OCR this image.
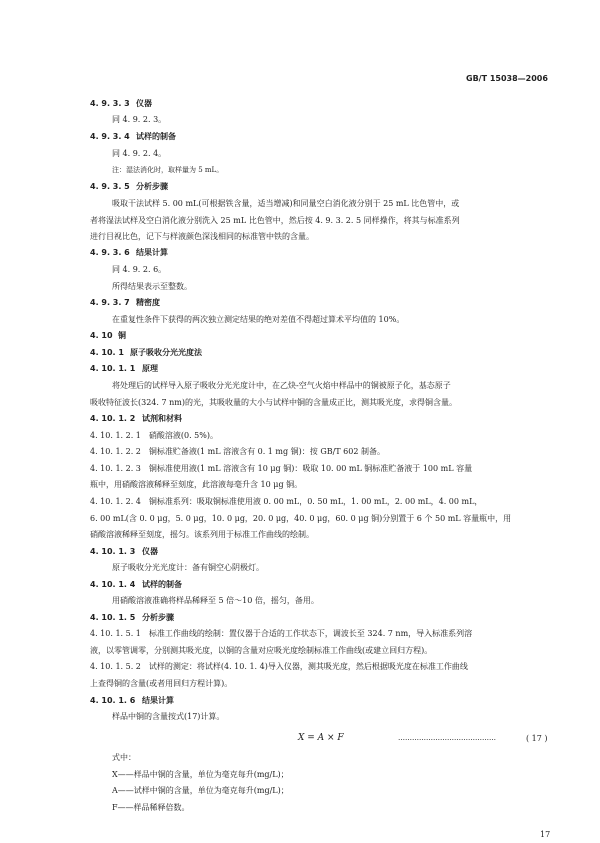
GB/T 15038—2006
4. 9. 3. 3 仪器
同 4. 9. 2. 3。
4. 9. 3. 4 试样的制备
同 4. 9. 2. 4。
注：湿法消化时，取样量为 5 mL。
4. 9. 3. 5 分析步骤
吸取干法试样 5. 00 mL(可根据铁含量，适当增减)和同量空白消化液分别于 25 mL 比色管中，或
者将湿法试样及空白消化液分别洗入 25 mL 比色管中，然后按 4. 9. 3. 2. 5 同样操作，将其与标准系列
进行目视比色，记下与样液颜色深浅相同的标准管中铁的含量。
4. 9. 3. 6 结果计算
同 4. 9. 2. 6。
所得结果表示至整数。
4. 9. 3. 7 精密度
在重复性条件下获得的两次独立测定结果的绝对差值不得超过算术平均值的 10%。
4. 10 铜
4. 10. 1 原子吸收分光光度法
4. 10. 1. 1 原理
将处理后的试样导入原子吸收分光光度计中，在乙炔-空气火焰中样品中的铜被原子化，基态原子
吸收特征波长(324. 7 nm)的光，其吸收量的大小与试样中铜的含量成正比，测其吸光度，求得铜含量。
4. 10. 1. 2 试剂和材料
4. 10. 1. 2. 1　硝酸溶液(0. 5%)。
4. 10. 1. 2. 2　铜标准贮备液(1 mL 溶液含有 0. 1 mg 铜)：按 GB/T 602 制备。
4. 10. 1. 2. 3　铜标准使用液(1 mL 溶液含有 10 μg 铜)：吸取 10. 00 mL 铜标准贮备液于 100 mL 容量
瓶中，用硝酸溶液稀释至刻度，此溶液每毫升含 10 μg 铜。
4. 10. 1. 2. 4　铜标准系列：吸取铜标准使用液 0. 00 mL，0. 50 mL，1. 00 mL，2. 00 mL，4. 00 mL，
6. 00 mL(含 0. 0 μg，5. 0 μg，10. 0 μg，20. 0 μg，40. 0 μg，60. 0 μg 铜)分别置于 6 个 50 mL 容量瓶中，用
硝酸溶液稀释至刻度，摇匀。该系列用于标准工作曲线的绘制。
4. 10. 1. 3 仪器
原子吸收分光光度计：备有铜空心阴极灯。
4. 10. 1. 4 试样的制备
用硝酸溶液准确将样品稀释至 5 倍～10 倍，摇匀，备用。
4. 10. 1. 5 分析步骤
4. 10. 1. 5. 1　标准工作曲线的绘制：置仪器于合适的工作状态下，调波长至 324. 7 nm，导入标准系列溶
液，以零管调零，分别测其吸光度，以铜的含量对应吸光度绘制标准工作曲线(或建立回归方程)。
4. 10. 1. 5. 2　试样的测定：将试样(4. 10. 1. 4)导入仪器，测其吸光度，然后根据吸光度在标准工作曲线
上查得铜的含量(或者用回归方程计算)。
4. 10. 1. 6 结果计算
样品中铜的含量按式(17)计算。
X = A × F	……………………………………	( 17 )
式中：
X——样品中铜的含量，单位为毫克每升(mg/L)；
A——试样中铜的含量，单位为毫克每升(mg/L)；
F——样品稀释倍数。
17
